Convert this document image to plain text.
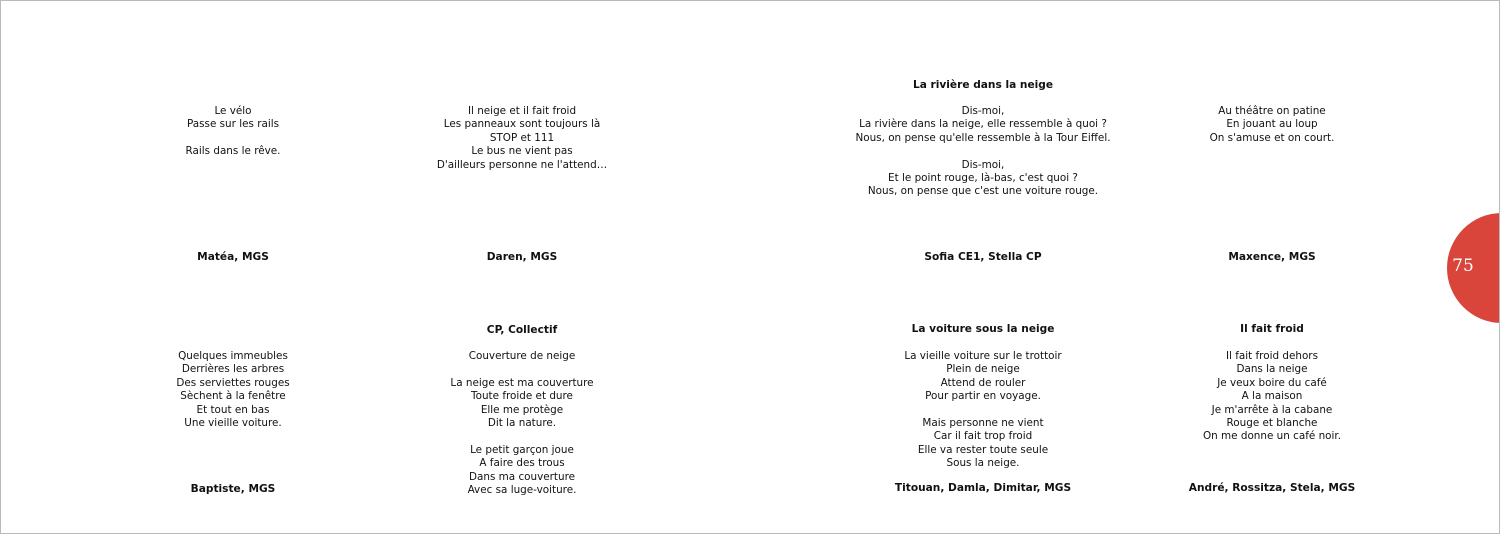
Le vélo
Passe sur les rails
Rails dans le rêve.
Matéa, MGS
Il neige et il fait froid
Les panneaux sont toujours là
STOP et 111
Le bus ne vient pas
D'ailleurs personne ne l'attend…
Daren, MGS
La rivière dans la neige
Dis-moi,
La rivière dans la neige, elle ressemble à quoi ?
Nous, on pense qu'elle ressemble à la Tour Eiffel.
Dis-moi,
Et le point rouge, là-bas, c'est quoi ?
Nous, on pense que c'est une voiture rouge.
Sofia CE1, Stella CP
Au théâtre on patine
En jouant au loup
On s'amuse et on court.
Maxence, MGS
Quelques immeubles
Derrières les arbres
Des serviettes rouges
Sèchent à la fenêtre
Et tout en bas
Une vieille voiture.
Baptiste, MGS
CP, Collectif
Couverture de neige
La neige est ma couverture
Toute froide et dure
Elle me protège
Dit la nature.
Le petit garçon joue
A faire des trous
Dans ma couverture
Avec sa luge-voiture.
La voiture sous la neige
La vieille voiture sur le trottoir
Plein de neige
Attend de rouler
Pour partir en voyage.
Mais personne ne vient
Car il fait trop froid
Elle va rester toute seule
Sous la neige.
Titouan, Damla, Dimitar, MGS
Il fait froid
Il fait froid dehors
Dans la neige
Je veux boire du café
A la maison
Je m'arrête à la cabane
Rouge et blanche
On me donne un café noir.
André, Rossitza, Stela, MGS
75
